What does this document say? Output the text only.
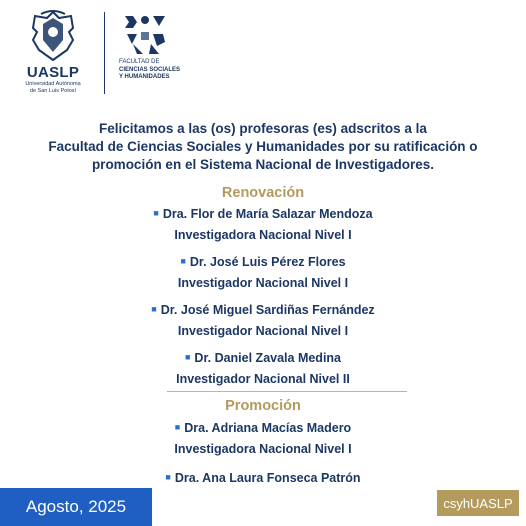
UASLP
Universidad Autónoma
de San Luis Potosí
FACULTAD DE
CIENCIAS SOCIALES
Y HUMANIDADES
Felicitamos a las (os) profesoras (es) adscritos a la
Facultad de Ciencias Sociales y Humanidades por su ratificación o
promoción en el Sistema Nacional de Investigadores.
Renovación
■ Dra. Flor de María Salazar Mendoza
Investigadora Nacional Nivel I
■ Dr. José Luis Pérez Flores
Investigador Nacional Nivel I
■ Dr. José Miguel Sardiñas Fernández
Investigador Nacional Nivel I
■ Dr. Daniel Zavala Medina
Investigador Nacional Nivel II
Promoción
■ Dra. Adriana Macías Madero
Investigadora Nacional Nivel I
■ Dra. Ana Laura Fonseca Patrón
Agosto, 2025	csyhUASLP
